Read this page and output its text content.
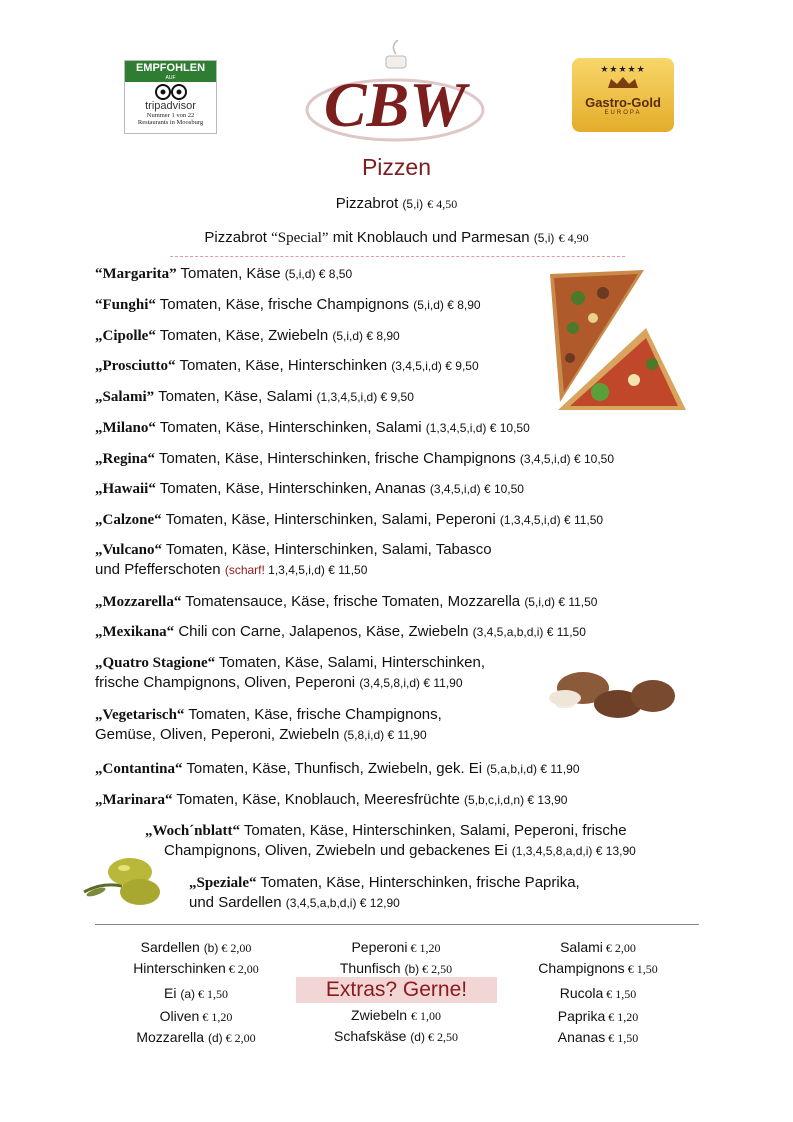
EMPFOHLEN
AUF
tripadvisor
Nummer 1 von 22
Restaurants in Moosburg CBW	★★★★★
Gastro-Gold
EUROPA
Pizzen
Pizzabrot (5,i) € 4,50
Pizzabrot “Special” mit Knoblauch und Parmesan (5,i) € 4,90
“Margarita” Tomaten, Käse (5,i,d) € 8,50
“Funghi“ Tomaten, Käse, frische Champignons (5,i,d) € 8,90
„Cipolle“ Tomaten, Käse, Zwiebeln (5,i,d) € 8,90
„Prosciutto“ Tomaten, Käse, Hinterschinken (3,4,5,i,d) € 9,50
„Salami” Tomaten, Käse, Salami (1,3,4,5,i,d) € 9,50
„Milano“ Tomaten, Käse, Hinterschinken, Salami (1,3,4,5,i,d) € 10,50
„Regina“ Tomaten, Käse, Hinterschinken, frische Champignons (3,4,5,i,d) € 10,50
„Hawaii“ Tomaten, Käse, Hinterschinken, Ananas (3,4,5,i,d) € 10,50
„Calzone“ Tomaten, Käse, Hinterschinken, Salami, Peperoni (1,3,4,5,i,d) € 11,50
„Vulcano“ Tomaten, Käse, Hinterschinken, Salami, Tabasco
und Pfefferschoten (scharf! 1,3,4,5,i,d) € 11,50
„Mozzarella“ Tomatensauce, Käse, frische Tomaten, Mozzarella (5,i,d) € 11,50
„Mexikana“ Chili con Carne, Jalapenos, Käse, Zwiebeln (3,4,5,a,b,d,i) € 11,50
„Quatro Stagione“ Tomaten, Käse, Salami, Hinterschinken,
frische Champignons, Oliven, Peperoni (3,4,5,8,i,d) € 11,90
„Vegetarisch“ Tomaten, Käse, frische Champignons,
Gemüse, Oliven, Peperoni, Zwiebeln (5,8,i,d) € 11,90
„Contantina“ Tomaten, Käse, Thunfisch, Zwiebeln, gek. Ei (5,a,b,i,d) € 11,90
„Marinara“ Tomaten, Käse, Knoblauch, Meeresfrüchte (5,b,c,i,d,n) € 13,90
„Woch´nblatt“ Tomaten, Käse, Hinterschinken, Salami, Peperoni, frische
Champignons, Oliven, Zwiebeln und gebackenes Ei (1,3,4,5,8,a,d,i) € 13,90
„Speziale“ Tomaten, Käse, Hinterschinken, frische Paprika,
und Sardellen (3,4,5,a,b,d,i) € 12,90
Sardellen (b) € 2,00
Hinterschinken € 2,00
Ei (a) € 1,50
Oliven € 1,20
Mozzarella (d) € 2,00
Peperoni € 1,20
Thunfisch (b) € 2,50
Extras? Gerne!
Zwiebeln € 1,00
Schafskäse (d) € 2,50
Salami € 2,00
Champignons € 1,50
Rucola € 1,50
Paprika € 1,20
Ananas € 1,50
